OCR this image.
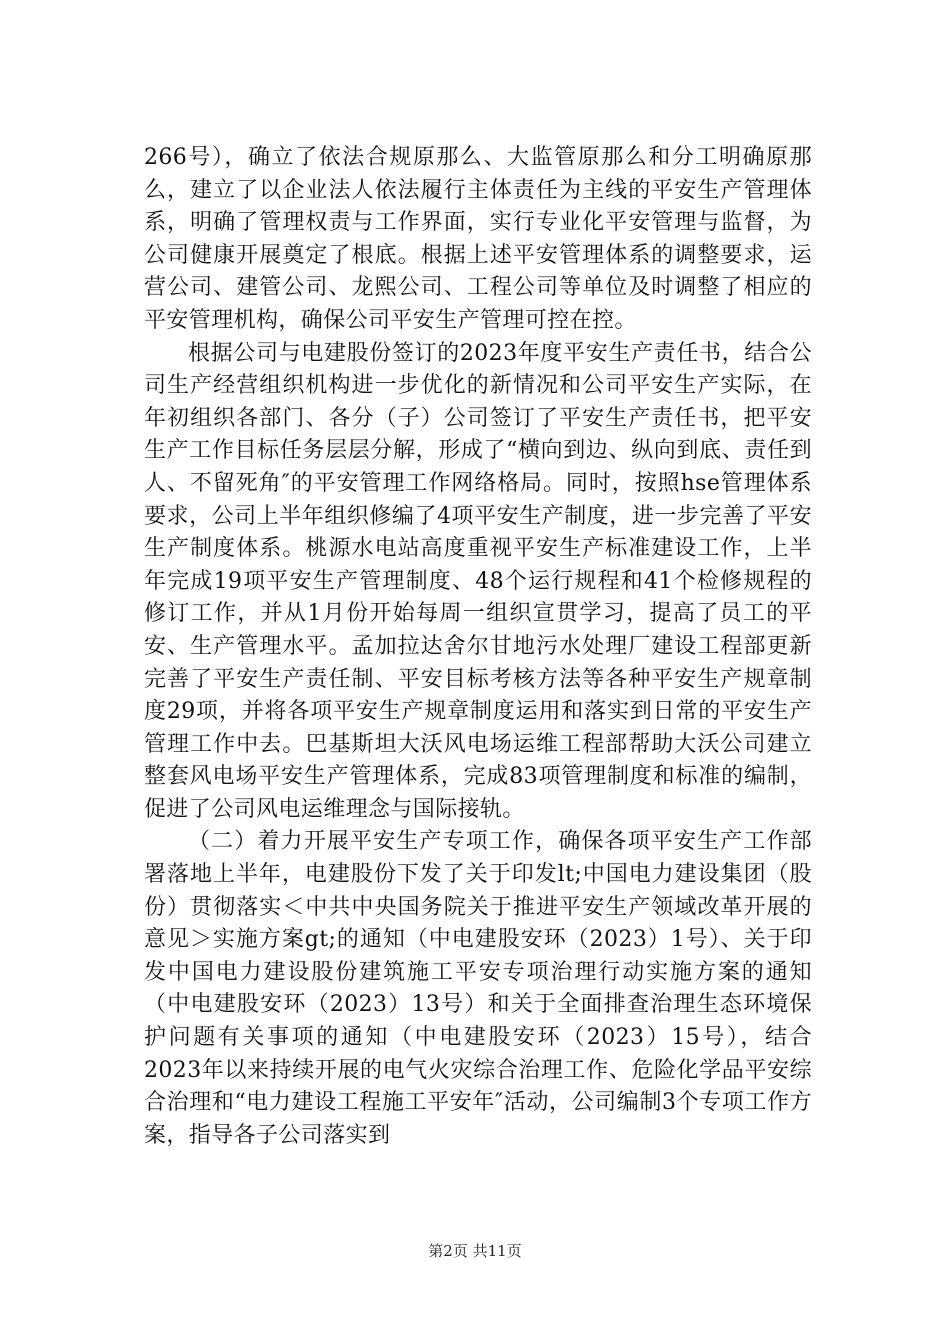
266号），确立了依法合规原那么、大监管原那么和分工明确原那么，建立了以企业法人依法履行主体责任为主线的平安生产管理体系，明确了管理权责与工作界面，实行专业化平安管理与监督，为公司健康开展奠定了根底。根据上述平安管理体系的调整要求，运营公司、建管公司、龙熙公司、工程公司等单位及时调整了相应的平安管理机构，确保公司平安生产管理可控在控。

根据公司与电建股份签订的2023年度平安生产责任书，结合公司生产经营组织机构进一步优化的新情况和公司平安生产实际，在年初组织各部门、各分（子）公司签订了平安生产责任书，把平安生产工作目标任务层层分解，形成了“横向到边、纵向到底、责任到人、不留死角″的平安管理工作网络格局。同时，按照hse管理体系要求，公司上半年组织修编了4项平安生产制度，进一步完善了平安生产制度体系。桃源水电站高度重视平安生产标准建设工作，上半年完成19项平安生产管理制度、48个运行规程和41个检修规程的修订工作，并从1月份开始每周一组织宣贯学习，提高了员工的平安、生产管理水平。孟加拉达舍尔甘地污水处理厂建设工程部更新完善了平安生产责任制、平安目标考核方法等各种平安生产规章制度29项，并将各项平安生产规章制度运用和落实到日常的平安生产管理工作中去。巴基斯坦大沃风电场运维工程部帮助大沃公司建立整套风电场平安生产管理体系，完成83项管理制度和标准的编制，促进了公司风电运维理念与国际接轨。

（二）着力开展平安生产专项工作，确保各项平安生产工作部署落地上半年，电建股份下发了关于印发lt;中国电力建设集团（股份）贯彻落实＜中共中央国务院关于推进平安生产领域改革开展的意见＞实施方案gt;的通知（中电建股安环（2023）1号）、关于印发中国电力建设股份建筑施工平安专项治理行动实施方案的通知（中电建股安环（2023）13号）和关于全面排查治理生态环境保护问题有关事项的通知（中电建股安环（2023）15号），结合2023年以来持续开展的电气火灾综合治理工作、危险化学品平安综合治理和“电力建设工程施工平安年″活动，公司编制3个专项工作方案，指导各子公司落实到

第2页 共11页
